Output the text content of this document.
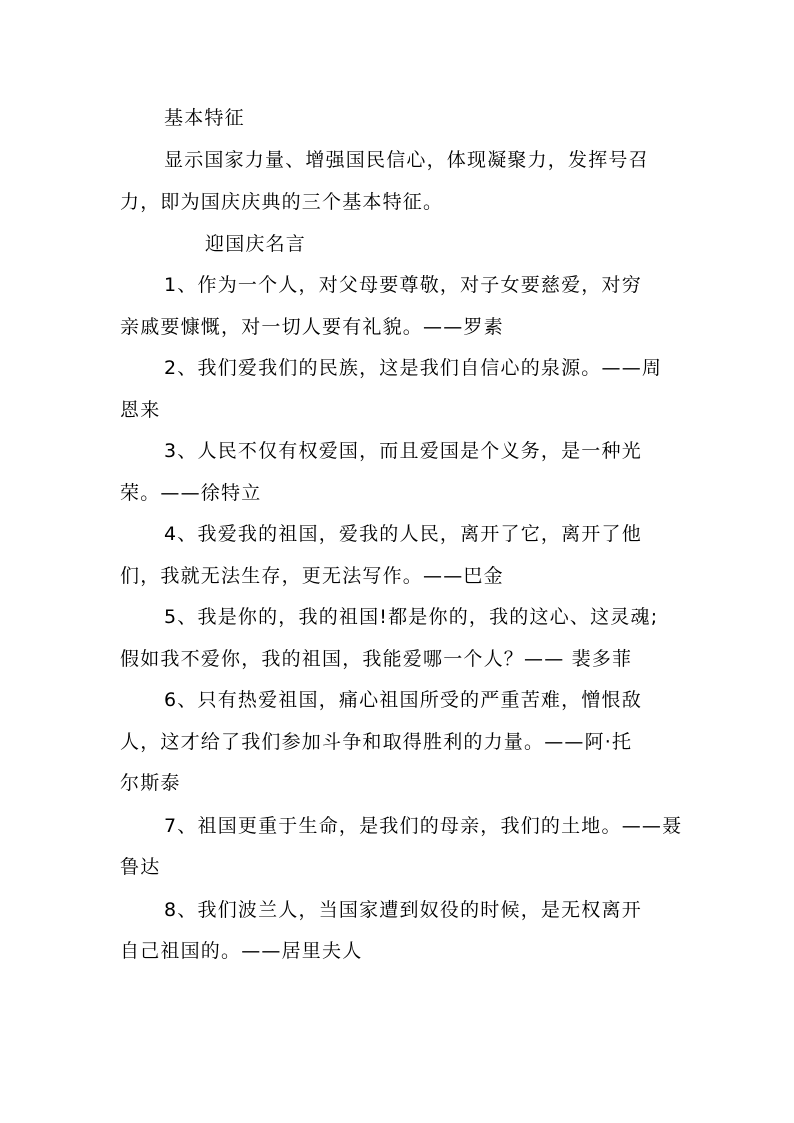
基本特征
显示国家力量、增强国民信心，体现凝聚力，发挥号召
力，即为国庆庆典的三个基本特征。
迎国庆名言
1、作为一个人，对父母要尊敬，对子女要慈爱，对穷
亲戚要慷慨，对一切人要有礼貌。——罗素
2、我们爱我们的民族，这是我们自信心的泉源。——周
恩来
3、人民不仅有权爱国，而且爱国是个义务，是一种光
荣。——徐特立
4、我爱我的祖国，爱我的人民，离开了它，离开了他
们，我就无法生存，更无法写作。——巴金
5、我是你的，我的祖国!都是你的，我的这心、这灵魂;
假如我不爱你，我的祖国，我能爱哪一个人？—— 裴多菲
6、只有热爱祖国，痛心祖国所受的严重苦难，憎恨敌
人，这才给了我们参加斗争和取得胜利的力量。——阿·托
尔斯泰
7、祖国更重于生命，是我们的母亲，我们的土地。——聂
鲁达
8、我们波兰人，当国家遭到奴役的时候，是无权离开
自己祖国的。——居里夫人
